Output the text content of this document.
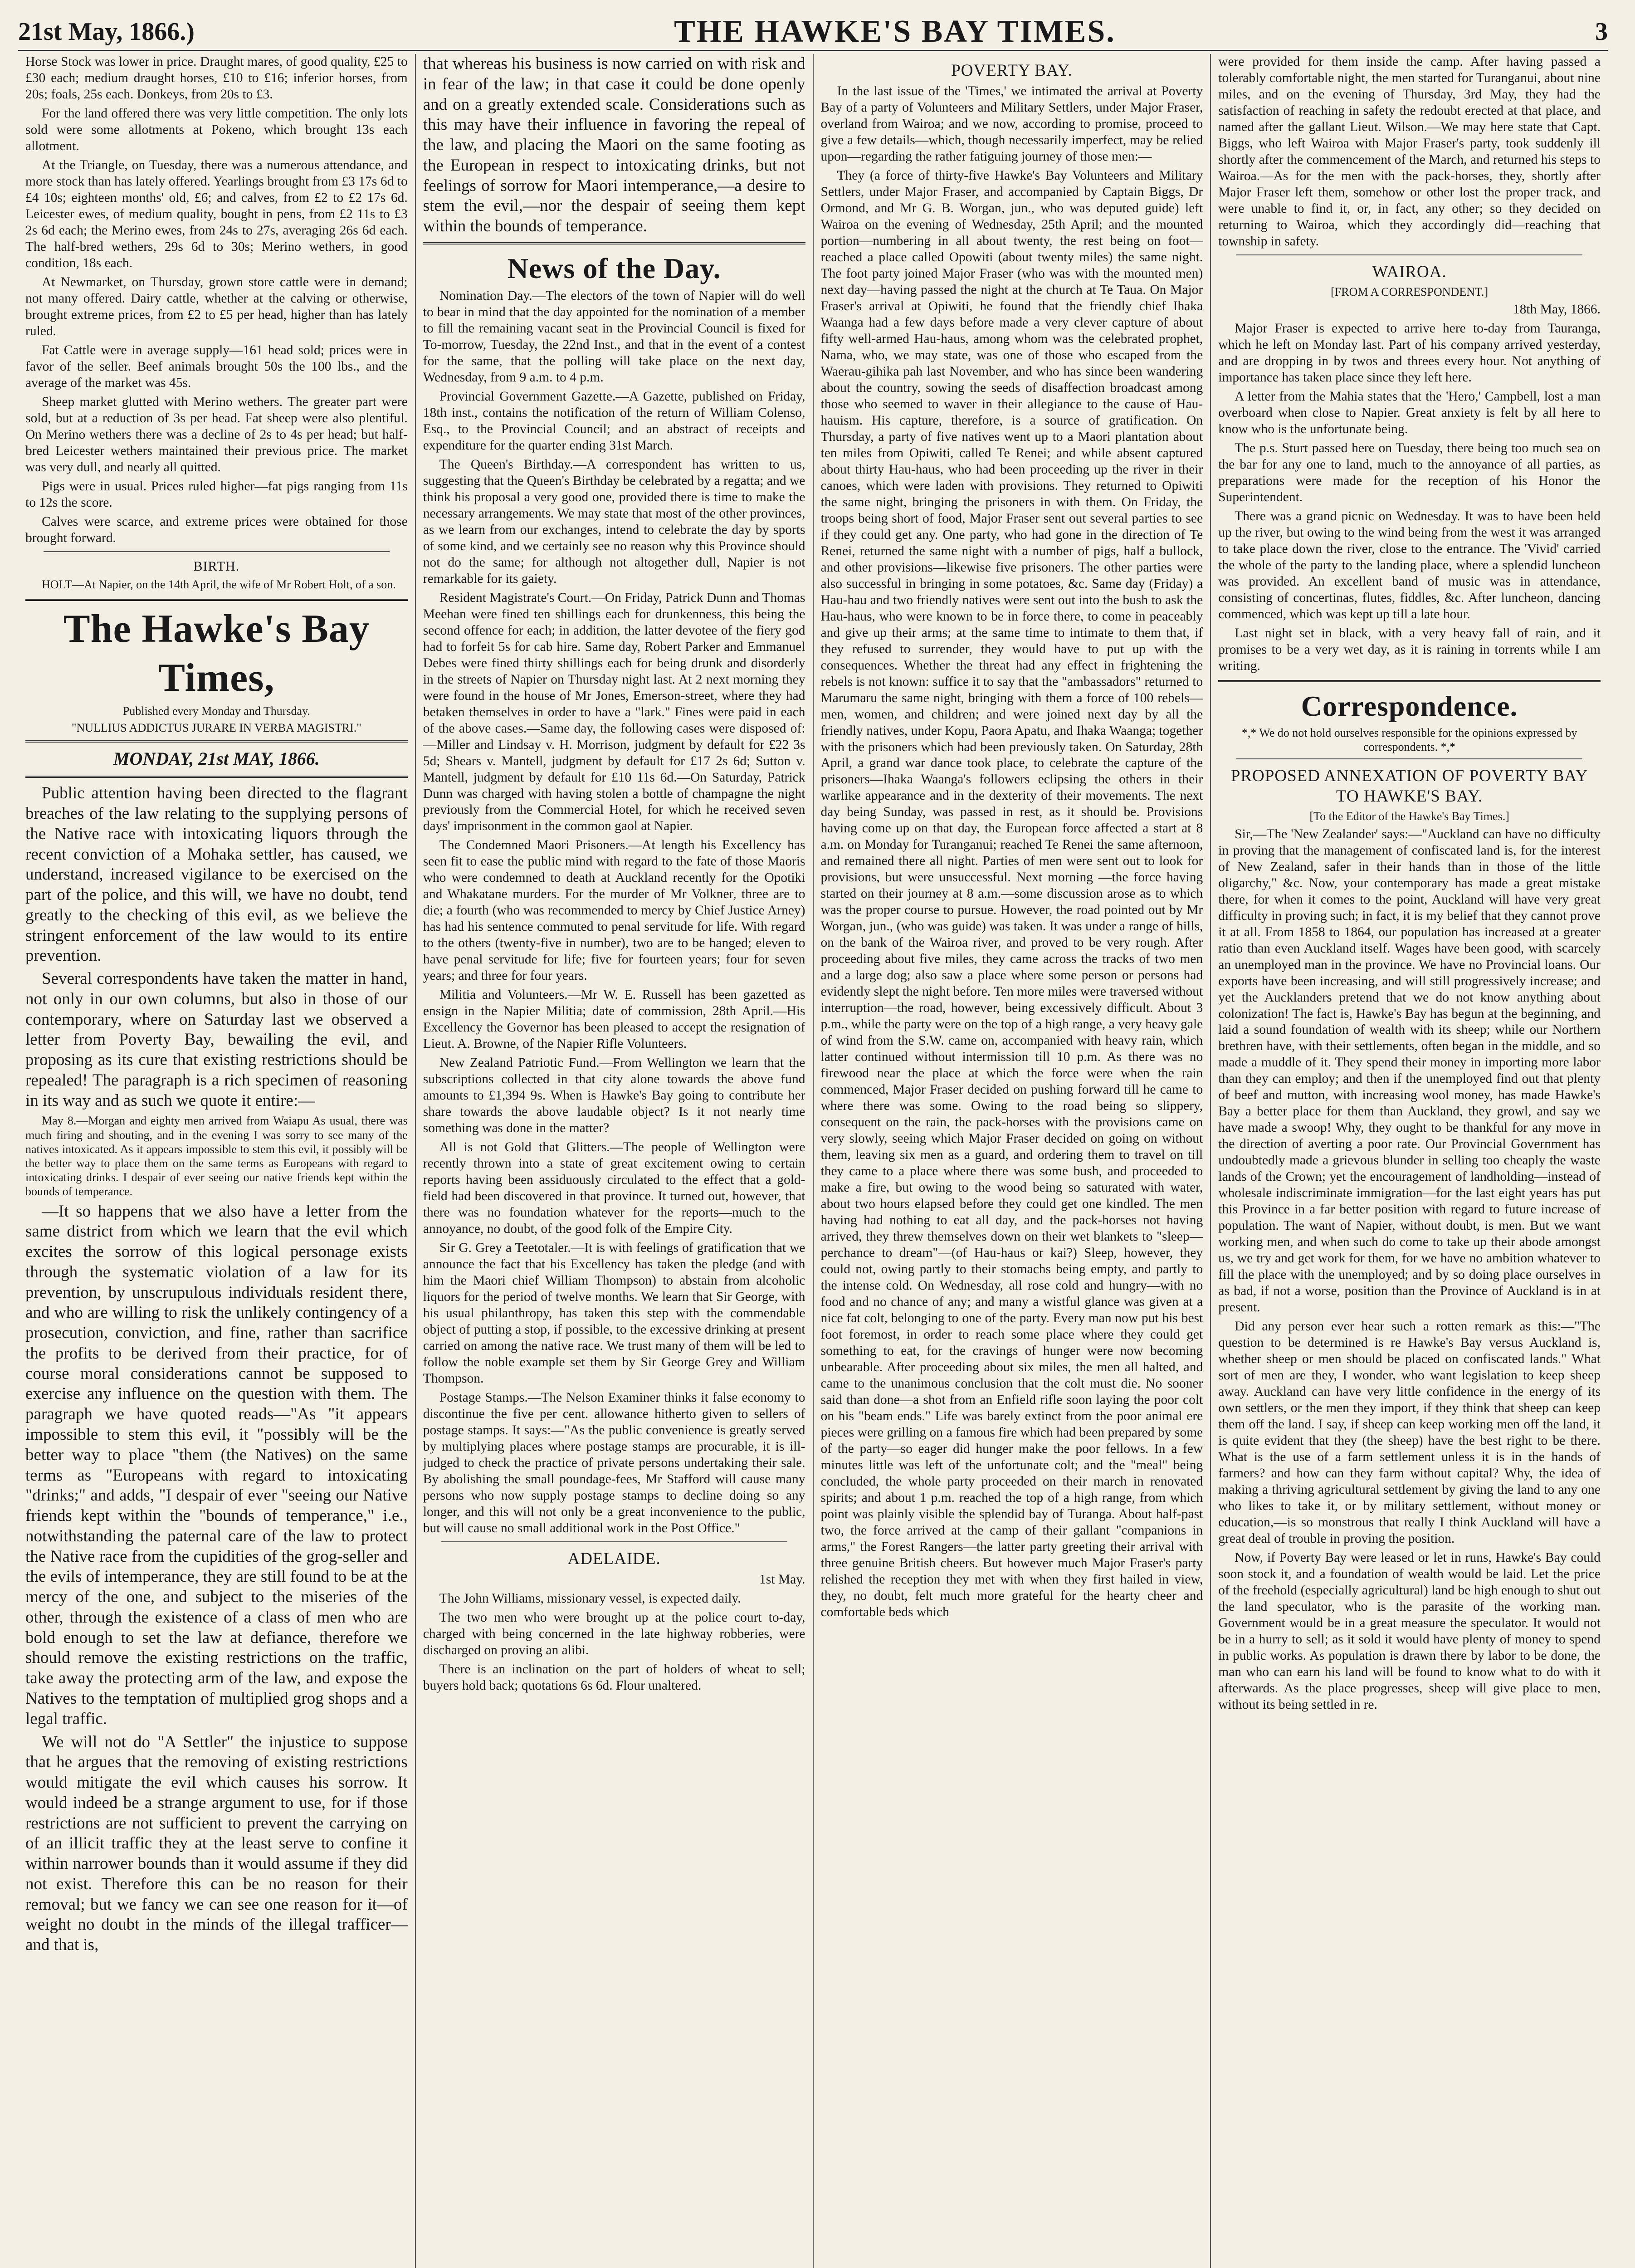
21st May, 1866.)	THE HAWKE'S BAY TIMES.	3

Horse Stock was lower in price. Draught mares, of good quality, £25 to £30 each; medium draught horses, £10 to £16; inferior horses, from 20s; foals, 25s each. Donkeys, from 20s to £3.

For the land offered there was very little competition. The only lots sold were some allotments at Pokeno, which brought 13s each allotment.

At the Triangle, on Tuesday, there was a numerous attendance, and more stock than has lately offered. Yearlings brought from £3 17s 6d to £4 10s; eighteen months' old, £6; and calves, from £2 to £2 17s 6d. Leicester ewes, of medium quality, bought in pens, from £2 11s to £3 2s 6d each; the Merino ewes, from 24s to 27s, averaging 26s 6d each. The half-bred wethers, 29s 6d to 30s; Merino wethers, in good condition, 18s each.

At Newmarket, on Thursday, grown store cattle were in demand; not many offered. Dairy cattle, whether at the calving or otherwise, brought extreme prices, from £2 to £5 per head, higher than has lately ruled.

Fat Cattle were in average supply—161 head sold; prices were in favor of the seller. Beef animals brought 50s the 100 lbs., and the average of the market was 45s.

Sheep market glutted with Merino wethers. The greater part were sold, but at a reduction of 3s per head. Fat sheep were also plentiful. On Merino wethers there was a decline of 2s to 4s per head; but half-bred Leicester wethers maintained their previous price. The market was very dull, and nearly all quitted.

Pigs were in usual. Prices ruled higher—fat pigs ranging from 11s to 12s the score.

Calves were scarce, and extreme prices were obtained for those brought forward.

BIRTH.

HOLT—At Napier, on the 14th April, the wife of Mr Robert Holt, of a son.

The Hawke's Bay Times,

Published every Monday and Thursday.

"NULLIUS ADDICTUS JURARE IN VERBA MAGISTRI."

MONDAY, 21st MAY, 1866.

Public attention having been directed to the flagrant breaches of the law relating to the supplying persons of the Native race with intoxicating liquors through the recent conviction of a Mohaka settler, has caused, we understand, increased vigilance to be exercised on the part of the police, and this will, we have no doubt, tend greatly to the checking of this evil, as we believe the stringent enforcement of the law would to its entire prevention.

Several correspondents have taken the matter in hand, not only in our own columns, but also in those of our contemporary, where on Saturday last we observed a letter from Poverty Bay, bewailing the evil, and proposing as its cure that existing restrictions should be repealed! The paragraph is a rich specimen of reasoning in its way and as such we quote it entire:—

May 8.—Morgan and eighty men arrived from Waiapu As usual, there was much firing and shouting, and in the evening I was sorry to see many of the natives intoxicated. As it appears impossible to stem this evil, it possibly will be the better way to place them on the same terms as Europeans with regard to intoxicating drinks. I despair of ever seeing our native friends kept within the bounds of temperance.

—It so happens that we also have a letter from the same district from which we learn that the evil which excites the sorrow of this logical personage exists through the systematic violation of a law for its prevention, by unscrupulous individuals resident there, and who are willing to risk the unlikely contingency of a prosecution, conviction, and fine, rather than sacrifice the profits to be derived from their practice, for of course moral considerations cannot be supposed to exercise any influence on the question with them. The paragraph we have quoted reads—"As "it appears impossible to stem this evil, it "possibly will be the better way to place "them (the Natives) on the same terms as "Europeans with regard to intoxicating "drinks;" and adds, "I despair of ever "seeing our Native friends kept within the "bounds of temperance," i.e., notwithstanding the paternal care of the law to protect the Native race from the cupidities of the grog-seller and the evils of intemperance, they are still found to be at the mercy of the one, and subject to the miseries of the other, through the existence of a class of men who are bold enough to set the law at defiance, therefore we should remove the existing restrictions on the traffic, take away the protecting arm of the law, and expose the Natives to the temptation of multiplied grog shops and a legal traffic.

We will not do "A Settler" the injustice to suppose that he argues that the removing of existing restrictions would mitigate the evil which causes his sorrow. It would indeed be a strange argument to use, for if those restrictions are not sufficient to prevent the carrying on of an illicit traffic they at the least serve to confine it within narrower bounds than it would assume if they did not exist. Therefore this can be no reason for their removal; but we fancy we can see one reason for it—of weight no doubt in the minds of the illegal trafficer—and that is,

that whereas his business is now carried on with risk and in fear of the law; in that case it could be done openly and on a greatly extended scale. Considerations such as this may have their influence in favoring the repeal of the law, and placing the Maori on the same footing as the European in respect to intoxicating drinks, but not feelings of sorrow for Maori intemperance,—a desire to stem the evil,—nor the despair of seeing them kept within the bounds of temperance.

News of the Day.

Nomination Day.—The electors of the town of Napier will do well to bear in mind that the day appointed for the nomination of a member to fill the remaining vacant seat in the Provincial Council is fixed for To-morrow, Tuesday, the 22nd Inst., and that in the event of a contest for the same, that the polling will take place on the next day, Wednesday, from 9 a.m. to 4 p.m.

Provincial Government Gazette.—A Gazette, published on Friday, 18th inst., contains the notification of the return of William Colenso, Esq., to the Provincial Council; and an abstract of receipts and expenditure for the quarter ending 31st March.

The Queen's Birthday.—A correspondent has written to us, suggesting that the Queen's Birthday be celebrated by a regatta; and we think his proposal a very good one, provided there is time to make the necessary arrangements. We may state that most of the other provinces, as we learn from our exchanges, intend to celebrate the day by sports of some kind, and we certainly see no reason why this Province should not do the same; for although not altogether dull, Napier is not remarkable for its gaiety.

Resident Magistrate's Court.—On Friday, Patrick Dunn and Thomas Meehan were fined ten shillings each for drunkenness, this being the second offence for each; in addition, the latter devotee of the fiery god had to forfeit 5s for cab hire. Same day, Robert Parker and Emmanuel Debes were fined thirty shillings each for being drunk and disorderly in the streets of Napier on Thursday night last. At 2 next morning they were found in the house of Mr Jones, Emerson-street, where they had betaken themselves in order to have a "lark." Fines were paid in each of the above cases.—Same day, the following cases were disposed of:—Miller and Lindsay v. H. Morrison, judgment by default for £22 3s 5d; Shears v. Mantell, judgment by default for £17 2s 6d; Sutton v. Mantell, judgment by default for £10 11s 6d.—On Saturday, Patrick Dunn was charged with having stolen a bottle of champagne the night previously from the Commercial Hotel, for which he received seven days' imprisonment in the common gaol at Napier.

The Condemned Maori Prisoners.—At length his Excellency has seen fit to ease the public mind with regard to the fate of those Maoris who were condemned to death at Auckland recently for the Opotiki and Whakatane murders. For the murder of Mr Volkner, three are to die; a fourth (who was recommended to mercy by Chief Justice Arney) has had his sentence commuted to penal servitude for life. With regard to the others (twenty-five in number), two are to be hanged; eleven to have penal servitude for life; five for fourteen years; four for seven years; and three for four years.

Militia and Volunteers.—Mr W. E. Russell has been gazetted as ensign in the Napier Militia; date of commission, 28th April.—His Excellency the Governor has been pleased to accept the resignation of Lieut. A. Browne, of the Napier Rifle Volunteers.

New Zealand Patriotic Fund.—From Wellington we learn that the subscriptions collected in that city alone towards the above fund amounts to £1,394 9s. When is Hawke's Bay going to contribute her share towards the above laudable object? Is it not nearly time something was done in the matter?

All is not Gold that Glitters.—The people of Wellington were recently thrown into a state of great excitement owing to certain reports having been assiduously circulated to the effect that a gold-field had been discovered in that province. It turned out, however, that there was no foundation whatever for the reports—much to the annoyance, no doubt, of the good folk of the Empire City.

Sir G. Grey a Teetotaler.—It is with feelings of gratification that we announce the fact that his Excellency has taken the pledge (and with him the Maori chief William Thompson) to abstain from alcoholic liquors for the period of twelve months. We learn that Sir George, with his usual philanthropy, has taken this step with the commendable object of putting a stop, if possible, to the excessive drinking at present carried on among the native race. We trust many of them will be led to follow the noble example set them by Sir George Grey and William Thompson.

Postage Stamps.—The Nelson Examiner thinks it false economy to discontinue the five per cent. allowance hitherto given to sellers of postage stamps. It says:—"As the public convenience is greatly served by multiplying places where postage stamps are procurable, it is ill-judged to check the practice of private persons undertaking their sale. By abolishing the small poundage-fees, Mr Stafford will cause many persons who now supply postage stamps to decline doing so any longer, and this will not only be a great inconvenience to the public, but will cause no small additional work in the Post Office."

ADELAIDE.

1st May.

The John Williams, missionary vessel, is expected daily.

The two men who were brought up at the police court to-day, charged with being concerned in the late highway robberies, were discharged on proving an alibi.

There is an inclination on the part of holders of wheat to sell; buyers hold back; quotations 6s 6d. Flour unaltered.

POVERTY BAY.

In the last issue of the 'Times,' we intimated the arrival at Poverty Bay of a party of Volunteers and Military Settlers, under Major Fraser, overland from Wairoa; and we now, according to promise, proceed to give a few details—which, though necessarily imperfect, may be relied upon—regarding the rather fatiguing journey of those men:—

They (a force of thirty-five Hawke's Bay Volunteers and Military Settlers, under Major Fraser, and accompanied by Captain Biggs, Dr Ormond, and Mr G. B. Worgan, jun., who was deputed guide) left Wairoa on the evening of Wednesday, 25th April; and the mounted portion—numbering in all about twenty, the rest being on foot—reached a place called Opowiti (about twenty miles) the same night. The foot party joined Major Fraser (who was with the mounted men) next day—having passed the night at the church at Te Taua. On Major Fraser's arrival at Opiwiti, he found that the friendly chief Ihaka Waanga had a few days before made a very clever capture of about fifty well-armed Hau-haus, among whom was the celebrated prophet, Nama, who, we may state, was one of those who escaped from the Waerau-gihika pah last November, and who has since been wandering about the country, sowing the seeds of disaffection broadcast among those who seemed to waver in their allegiance to the cause of Hau-hauism. His capture, therefore, is a source of gratification. On Thursday, a party of five natives went up to a Maori plantation about ten miles from Opiwiti, called Te Renei; and while absent captured about thirty Hau-haus, who had been proceeding up the river in their canoes, which were laden with provisions. They returned to Opiwiti the same night, bringing the prisoners in with them. On Friday, the troops being short of food, Major Fraser sent out several parties to see if they could get any. One party, who had gone in the direction of Te Renei, returned the same night with a number of pigs, half a bullock, and other provisions—likewise five prisoners. The other parties were also successful in bringing in some potatoes, &c. Same day (Friday) a Hau-hau and two friendly natives were sent out into the bush to ask the Hau-haus, who were known to be in force there, to come in peaceably and give up their arms; at the same time to intimate to them that, if they refused to surrender, they would have to put up with the consequences. Whether the threat had any effect in frightening the rebels is not known: suffice it to say that the "ambassadors" returned to Marumaru the same night, bringing with them a force of 100 rebels—men, women, and children; and were joined next day by all the friendly natives, under Kopu, Paora Apatu, and Ihaka Waanga; together with the prisoners which had been previously taken. On Saturday, 28th April, a grand war dance took place, to celebrate the capture of the prisoners—Ihaka Waanga's followers eclipsing the others in their warlike appearance and in the dexterity of their movements. The next day being Sunday, was passed in rest, as it should be. Provisions having come up on that day, the European force affected a start at 8 a.m. on Monday for Turanganui; reached Te Renei the same afternoon, and remained there all night. Parties of men were sent out to look for provisions, but were unsuccessful. Next morning —the force having started on their journey at 8 a.m.—some discussion arose as to which was the proper course to pursue. However, the road pointed out by Mr Worgan, jun., (who was guide) was taken. It was under a range of hills, on the bank of the Wairoa river, and proved to be very rough. After proceeding about five miles, they came across the tracks of two men and a large dog; also saw a place where some person or persons had evidently slept the night before. Ten more miles were traversed without interruption—the road, however, being excessively difficult. About 3 p.m., while the party were on the top of a high range, a very heavy gale of wind from the S.W. came on, accompanied with heavy rain, which latter continued without intermission till 10 p.m. As there was no firewood near the place at which the force were when the rain commenced, Major Fraser decided on pushing forward till he came to where there was some. Owing to the road being so slippery, consequent on the rain, the pack-horses with the provisions came on very slowly, seeing which Major Fraser decided on going on without them, leaving six men as a guard, and ordering them to travel on till they came to a place where there was some bush, and proceeded to make a fire, but owing to the wood being so saturated with water, about two hours elapsed before they could get one kindled. The men having had nothing to eat all day, and the pack-horses not having arrived, they threw themselves down on their wet blankets to "sleep—perchance to dream"—(of Hau-haus or kai?) Sleep, however, they could not, owing partly to their stomachs being empty, and partly to the intense cold. On Wednesday, all rose cold and hungry—with no food and no chance of any; and many a wistful glance was given at a nice fat colt, belonging to one of the party. Every man now put his best foot foremost, in order to reach some place where they could get something to eat, for the cravings of hunger were now becoming unbearable. After proceeding about six miles, the men all halted, and came to the unanimous conclusion that the colt must die. No sooner said than done—a shot from an Enfield rifle soon laying the poor colt on his "beam ends." Life was barely extinct from the poor animal ere pieces were grilling on a famous fire which had been prepared by some of the party—so eager did hunger make the poor fellows. In a few minutes little was left of the unfortunate colt; and the "meal" being concluded, the whole party proceeded on their march in renovated spirits; and about 1 p.m. reached the top of a high range, from which point was plainly visible the splendid bay of Turanga. About half-past two, the force arrived at the camp of their gallant "companions in arms," the Forest Rangers—the latter party greeting their arrival with three genuine British cheers. But however much Major Fraser's party relished the reception they met with when they first hailed in view, they, no doubt, felt much more grateful for the hearty cheer and comfortable beds which

were provided for them inside the camp. After having passed a tolerably comfortable night, the men started for Turanganui, about nine miles, and on the evening of Thursday, 3rd May, they had the satisfaction of reaching in safety the redoubt erected at that place, and named after the gallant Lieut. Wilson.—We may here state that Capt. Biggs, who left Wairoa with Major Fraser's party, took suddenly ill shortly after the commencement of the March, and returned his steps to Wairoa.—As for the men with the pack-horses, they, shortly after Major Fraser left them, somehow or other lost the proper track, and were unable to find it, or, in fact, any other; so they decided on returning to Wairoa, which they accordingly did—reaching that township in safety.

WAIROA.

[FROM A CORRESPONDENT.]

18th May, 1866.

Major Fraser is expected to arrive here to-day from Tauranga, which he left on Monday last. Part of his company arrived yesterday, and are dropping in by twos and threes every hour. Not anything of importance has taken place since they left here.

A letter from the Mahia states that the 'Hero,' Campbell, lost a man overboard when close to Napier. Great anxiety is felt by all here to know who is the unfortunate being.

The p.s. Sturt passed here on Tuesday, there being too much sea on the bar for any one to land, much to the annoyance of all parties, as preparations were made for the reception of his Honor the Superintendent.

There was a grand picnic on Wednesday. It was to have been held up the river, but owing to the wind being from the west it was arranged to take place down the river, close to the entrance. The 'Vivid' carried the whole of the party to the landing place, where a splendid luncheon was provided. An excellent band of music was in attendance, consisting of concertinas, flutes, fiddles, &c. After luncheon, dancing commenced, which was kept up till a late hour.

Last night set in black, with a very heavy fall of rain, and it promises to be a very wet day, as it is raining in torrents while I am writing.

Correspondence.

*,* We do not hold ourselves responsible for the opinions expressed by correspondents. *,*

PROPOSED ANNEXATION OF POVERTY BAY TO HAWKE'S BAY.

[To the Editor of the Hawke's Bay Times.]

Sir,—The 'New Zealander' says:—"Auckland can have no difficulty in proving that the management of confiscated land is, for the interest of New Zealand, safer in their hands than in those of the little oligarchy," &c. Now, your contemporary has made a great mistake there, for when it comes to the point, Auckland will have very great difficulty in proving such; in fact, it is my belief that they cannot prove it at all. From 1858 to 1864, our population has increased at a greater ratio than even Auckland itself. Wages have been good, with scarcely an unemployed man in the province. We have no Provincial loans. Our exports have been increasing, and will still progressively increase; and yet the Aucklanders pretend that we do not know anything about colonization! The fact is, Hawke's Bay has begun at the beginning, and laid a sound foundation of wealth with its sheep; while our Northern brethren have, with their settlements, often began in the middle, and so made a muddle of it. They spend their money in importing more labor than they can employ; and then if the unemployed find out that plenty of beef and mutton, with increasing wool money, has made Hawke's Bay a better place for them than Auckland, they growl, and say we have made a swoop! Why, they ought to be thankful for any move in the direction of averting a poor rate. Our Provincial Government has undoubtedly made a grievous blunder in selling too cheaply the waste lands of the Crown; yet the encouragement of landholding—instead of wholesale indiscriminate immigration—for the last eight years has put this Province in a far better position with regard to future increase of population. The want of Napier, without doubt, is men. But we want working men, and when such do come to take up their abode amongst us, we try and get work for them, for we have no ambition whatever to fill the place with the unemployed; and by so doing place ourselves in as bad, if not a worse, position than the Province of Auckland is in at present.

Did any person ever hear such a rotten remark as this:—"The question to be determined is re Hawke's Bay versus Auckland is, whether sheep or men should be placed on confiscated lands." What sort of men are they, I wonder, who want legislation to keep sheep away. Auckland can have very little confidence in the energy of its own settlers, or the men they import, if they think that sheep can keep them off the land. I say, if sheep can keep working men off the land, it is quite evident that they (the sheep) have the best right to be there. What is the use of a farm settlement unless it is in the hands of farmers? and how can they farm without capital? Why, the idea of making a thriving agricultural settlement by giving the land to any one who likes to take it, or by military settlement, without money or education,—is so monstrous that really I think Auckland will have a great deal of trouble in proving the position.

Now, if Poverty Bay were leased or let in runs, Hawke's Bay could soon stock it, and a foundation of wealth would be laid. Let the price of the freehold (especially agricultural) land be high enough to shut out the land speculator, who is the parasite of the working man. Government would be in a great measure the speculator. It would not be in a hurry to sell; as it sold it would have plenty of money to spend in public works. As population is drawn there by labor to be done, the man who can earn his land will be found to know what to do with it afterwards. As the place progresses, sheep will give place to men, without its being settled in re.
